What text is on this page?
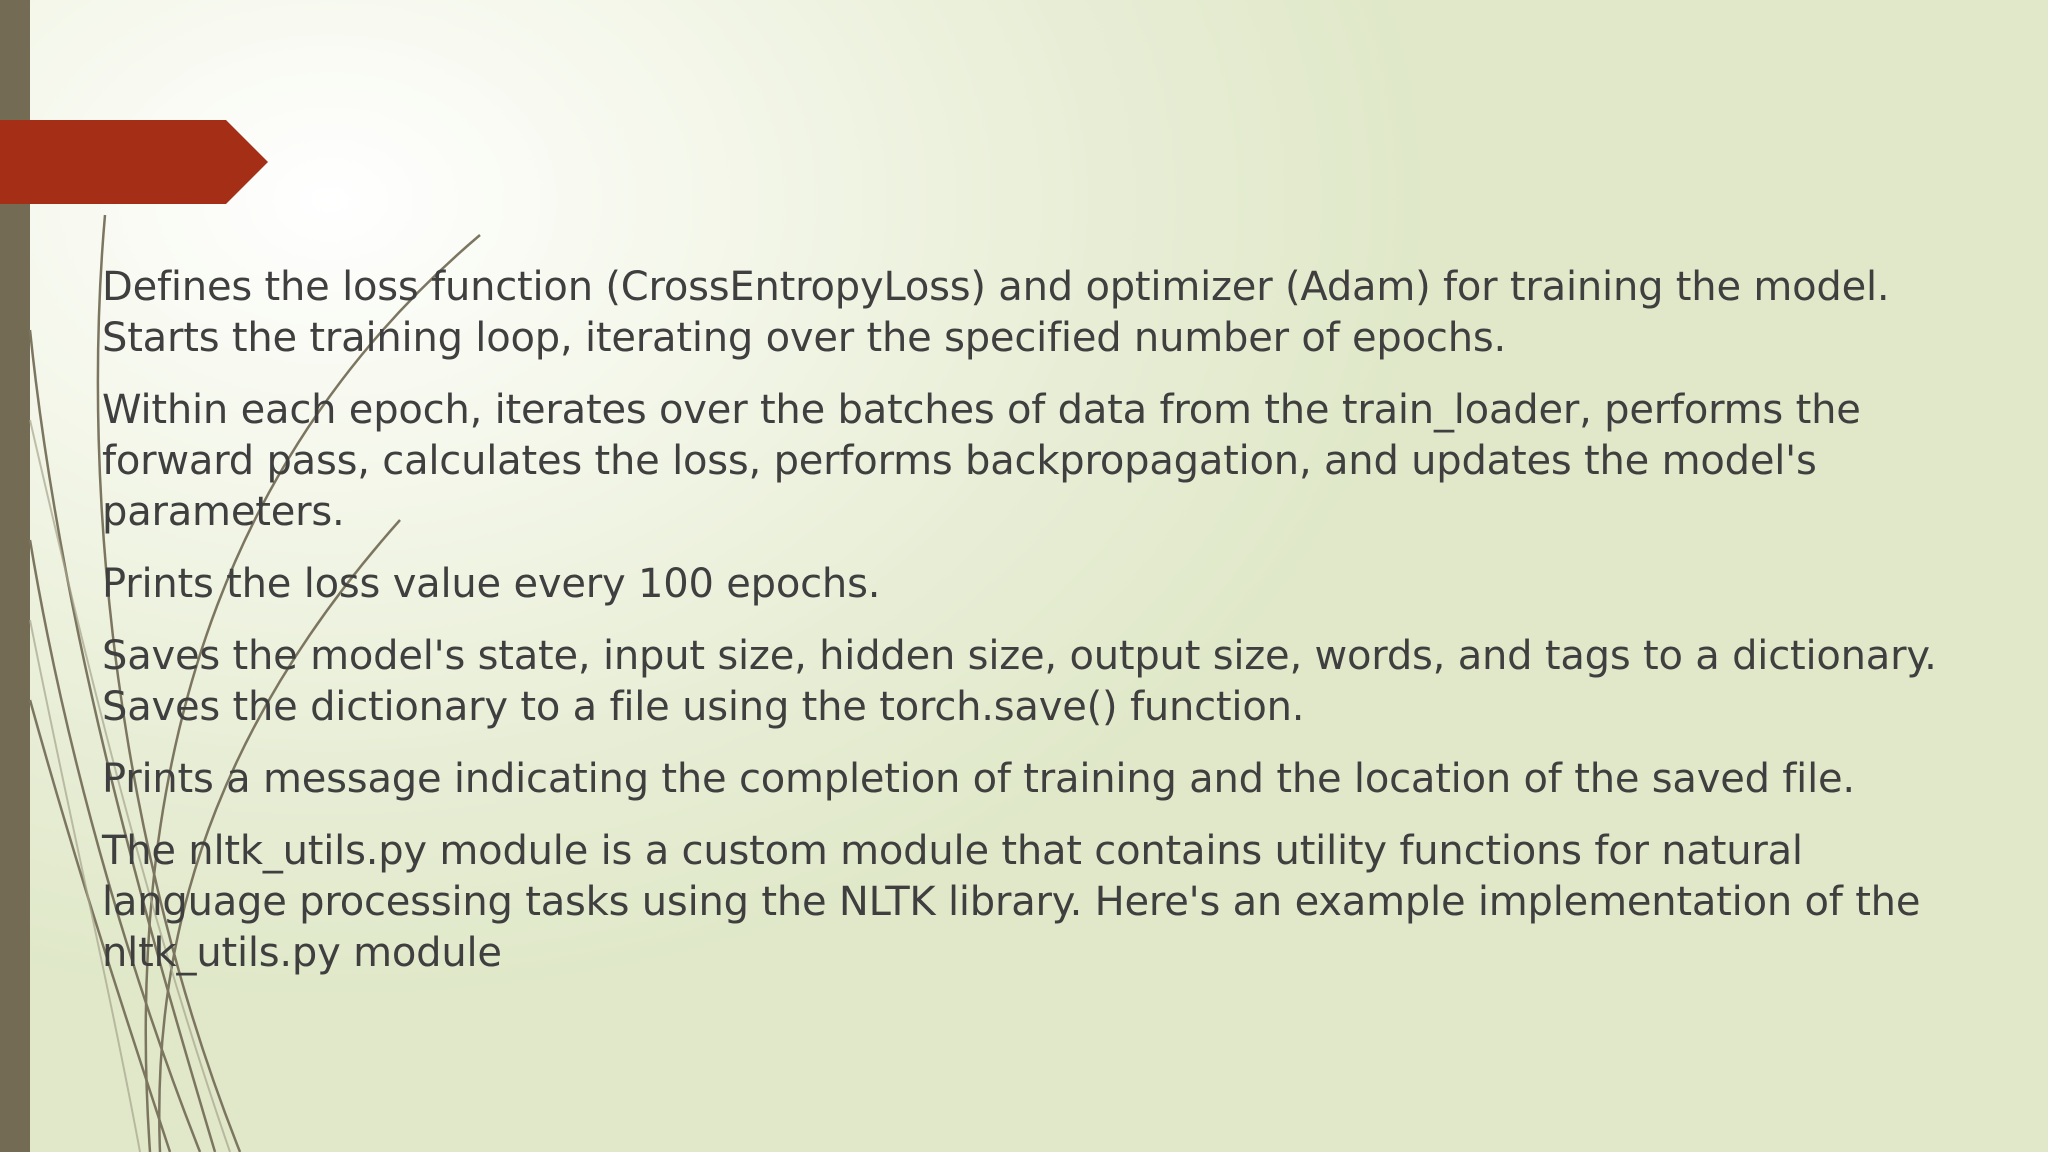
Defines the loss function (CrossEntropyLoss) and optimizer (Adam) for training the model.
Starts the training loop, iterating over the specified number of epochs.

Within each epoch, iterates over the batches of data from the train_loader, performs the
forward pass, calculates the loss, performs backpropagation, and updates the model's
parameters.

Prints the loss value every 100 epochs.

Saves the model's state, input size, hidden size, output size, words, and tags to a dictionary.
Saves the dictionary to a file using the torch.save() function.

Prints a message indicating the completion of training and the location of the saved file.

The nltk_utils.py module is a custom module that contains utility functions for natural
language processing tasks using the NLTK library. Here's an example implementation of the
nltk_utils.py module
